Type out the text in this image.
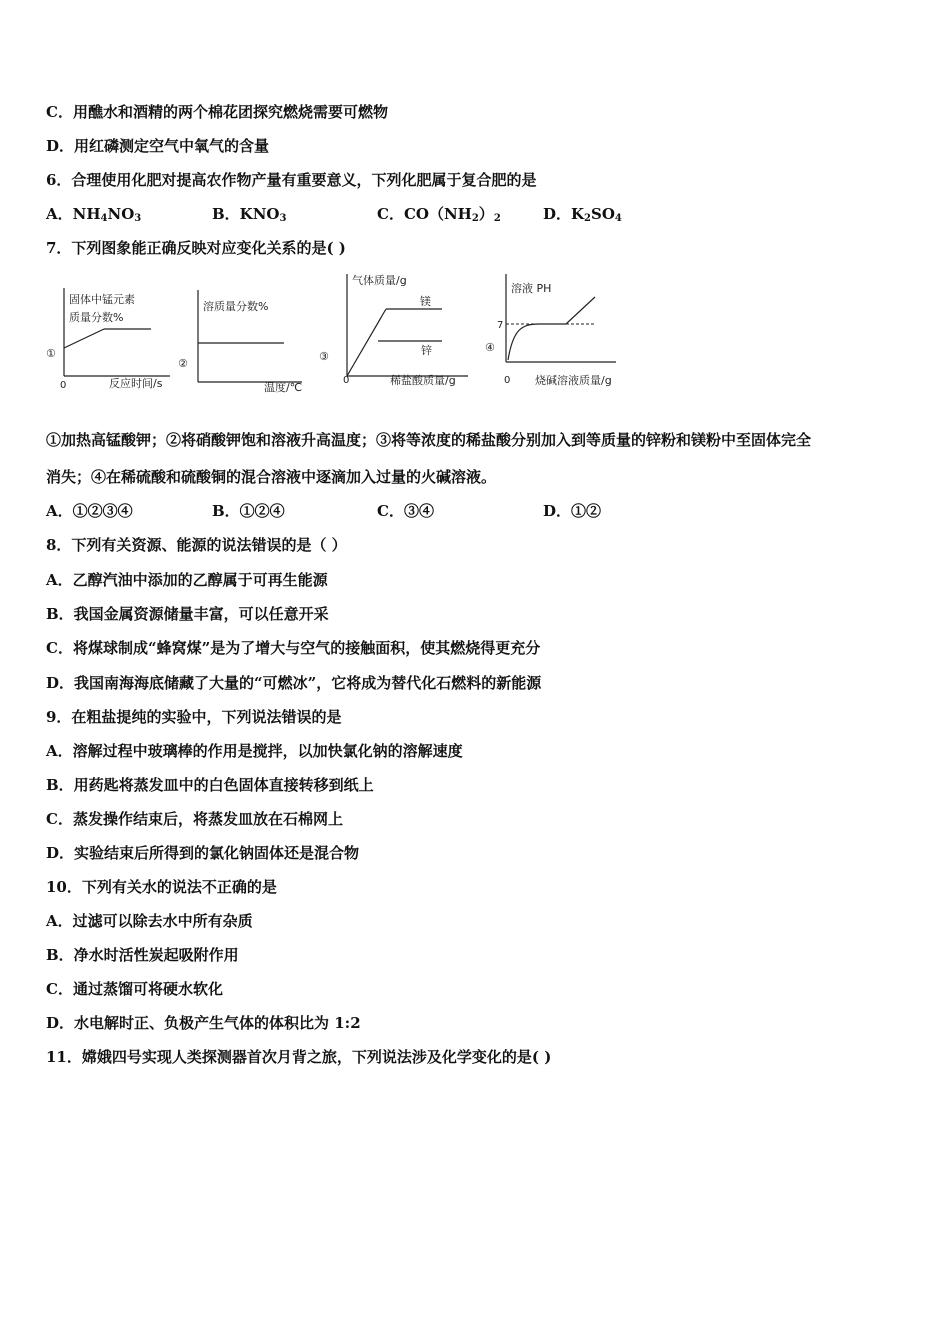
C．用醮水和酒精的两个棉花团探究燃烧需要可燃物
D．用红磷测定空气中氧气的含量
6．合理使用化肥对提高农作物产量有重要意义，下列化肥属于复合肥的是
A．$NH_4NO_3$	B．$KNO_3$	C．$CO(NH_2)_2$	D．$K_2SO_4$
7．下列图象能正确反映对应变化关系的是( )
固体中锰元素
质量分数%
①
0	反应时间/s
溶质量分数%
②
温度/℃
气体质量/g
镁
锌
③
0	稀盐酸质量/g
溶液 PH
7
④
0 烧碱溶液质量/g
①加热高锰酸钾；②将硝酸钾饱和溶液升高温度；③将等浓度的稀盐酸分别加入到等质量的锌粉和镁粉中至固体完全
消失；④在稀硫酸和硫酸铜的混合溶液中逐滴加入过量的火碱溶液。
A．①②③④	B．①②④	C．③④	D．①②
8．下列有关资源、能源的说法错误的是（ ）
A．乙醇汽油中添加的乙醇属于可再生能源
B．我国金属资源储量丰富，可以任意开采
C．将煤球制成“蜂窝煤”是为了增大与空气的接触面积，使其燃烧得更充分
D．我国南海海底储藏了大量的“可燃冰”，它将成为替代化石燃料的新能源
9．在粗盐提纯的实验中，下列说法错误的是
A．溶解过程中玻璃棒的作用是搅拌，以加快氯化钠的溶解速度
B．用药匙将蒸发皿中的白色固体直接转移到纸上
C．蒸发操作结束后，将蒸发皿放在石棉网上
D．实验结束后所得到的氯化钠固体还是混合物
10．下列有关水的说法不正确的是
A．过滤可以除去水中所有杂质
B．净水时活性炭起吸附作用
C．通过蒸馏可将硬水软化
D．水电解时正、负极产生气体的体积比为 1:2
11．嫦娥四号实现人类探测器首次月背之旅，下列说法涉及化学变化的是( )
